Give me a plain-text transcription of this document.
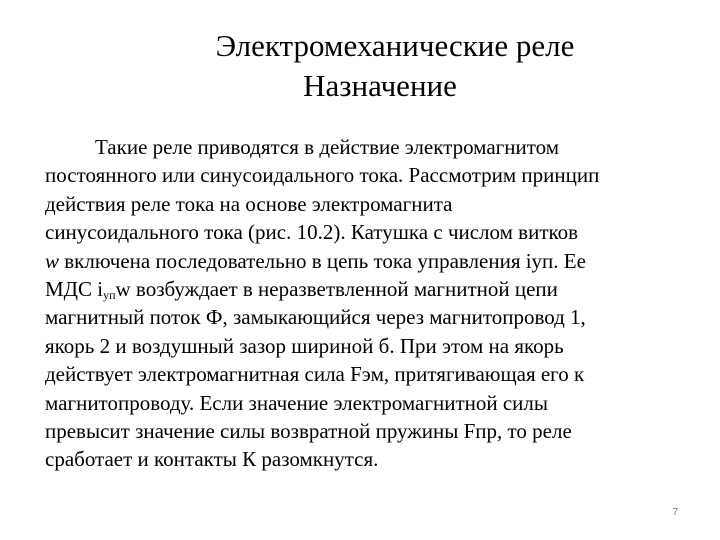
Электромеханические реле
Назначение
Такие реле приводятся в действие электромагнитом
постоянного или синусоидального тока. Рассмотрим принцип
действия реле тока на основе электромагнита
синусоидального тока (рис. 10.2). Катушка с числом витков
w включена последовательно в цепь тока управления iуп. Ее
МДС $i_{уп}w$ возбуждает в неразветвленной магнитной цепи
магнитный поток Ф, замыкающийся через магнитопровод 1,
якорь 2 и воздушный зазор шириной б. При этом на якорь
действует электромагнитная сила Fэм, притягивающая его к
магнитопроводу. Если значение электромагнитной силы
превысит значение силы возвратной пружины Fпр, то реле
сработает и контакты К разомкнутся.
7
